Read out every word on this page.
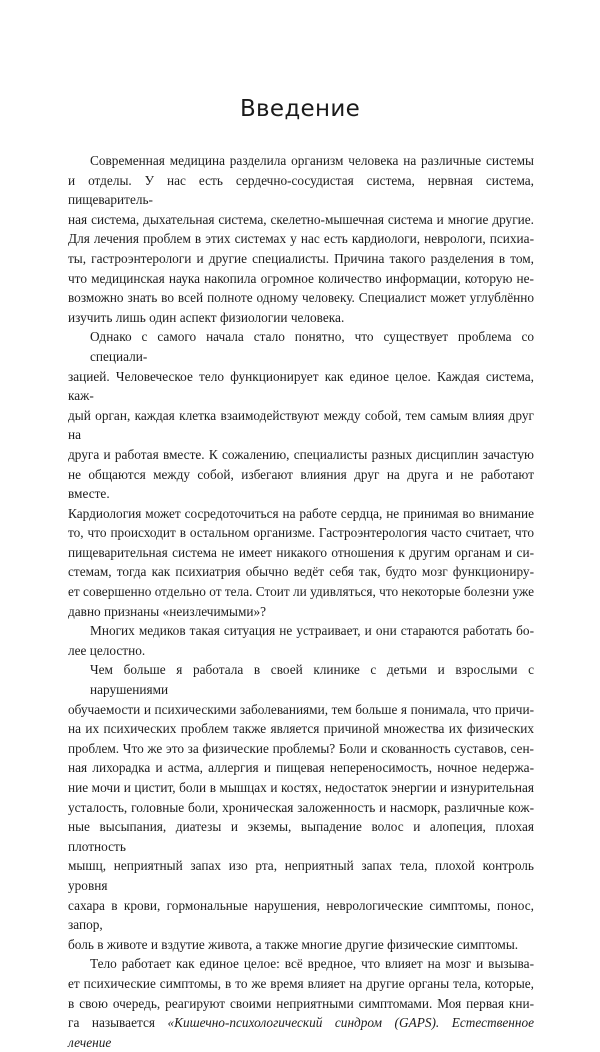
Введение
Современная медицина разделила организм человека на различные системы
и отделы. У нас есть сердечно-сосудистая система, нервная система, пищеваритель-
ная система, дыхательная система, скелетно-мышечная система и многие другие.
Для лечения проблем в этих системах у нас есть кардиологи, неврологи, психиа-
ты, гастроэнтерологи и другие специалисты. Причина такого разделения в том,
что медицинская наука накопила огромное количество информации, которую не-
возможно знать во всей полноте одному человеку. Специалист может углублённо
изучить лишь один аспект физиологии человека.
Однако с самого начала стало понятно, что существует проблема со специали-
зацией. Человеческое тело функционирует как единое целое. Каждая система, каж-
дый орган, каждая клетка взаимодействуют между собой, тем самым влияя друг на
друга и работая вместе. К сожалению, специалисты разных дисциплин зачастую
не общаются между собой, избегают влияния друг на друга и не работают вместе.
Кардиология может сосредоточиться на работе сердца, не принимая во внимание
то, что происходит в остальном организме. Гастроэнтерология часто считает, что
пищеварительная система не имеет никакого отношения к другим органам и си-
стемам, тогда как психиатрия обычно ведёт себя так, будто мозг функциониру-
ет совершенно отдельно от тела. Стоит ли удивляться, что некоторые болезни уже
давно признаны «неизлечимыми»?
Многих медиков такая ситуация не устраивает, и они стараются работать бо-
лее целостно.
Чем больше я работала в своей клинике с детьми и взрослыми с нарушениями
обучаемости и психическими заболеваниями, тем больше я понимала, что причи-
на их психических проблем также является причиной множества их физических
проблем. Что же это за физические проблемы? Боли и скованность суставов, сен-
ная лихорадка и астма, аллергия и пищевая непереносимость, ночное недержа-
ние мочи и цистит, боли в мышцах и костях, недостаток энергии и изнурительная
усталость, головные боли, хроническая заложенность и насморк, различные кож-
ные высыпания, диатезы и экземы, выпадение волос и алопеция, плохая плотность
мышц, неприятный запах изо рта, неприятный запах тела, плохой контроль уровня
сахара в крови, гормональные нарушения, неврологические симптомы, понос, запор,
боль в животе и вздутие живота, а также многие другие физические симптомы.
Тело работает как единое целое: всё вредное, что влияет на мозг и вызыва-
ет психические симптомы, в то же время влияет на другие органы тела, которые,
в свою очередь, реагируют своими неприятными симптомами. Моя первая кни-
га называется «Кишечно-психологический синдром (GAPS). Естественное лечение
